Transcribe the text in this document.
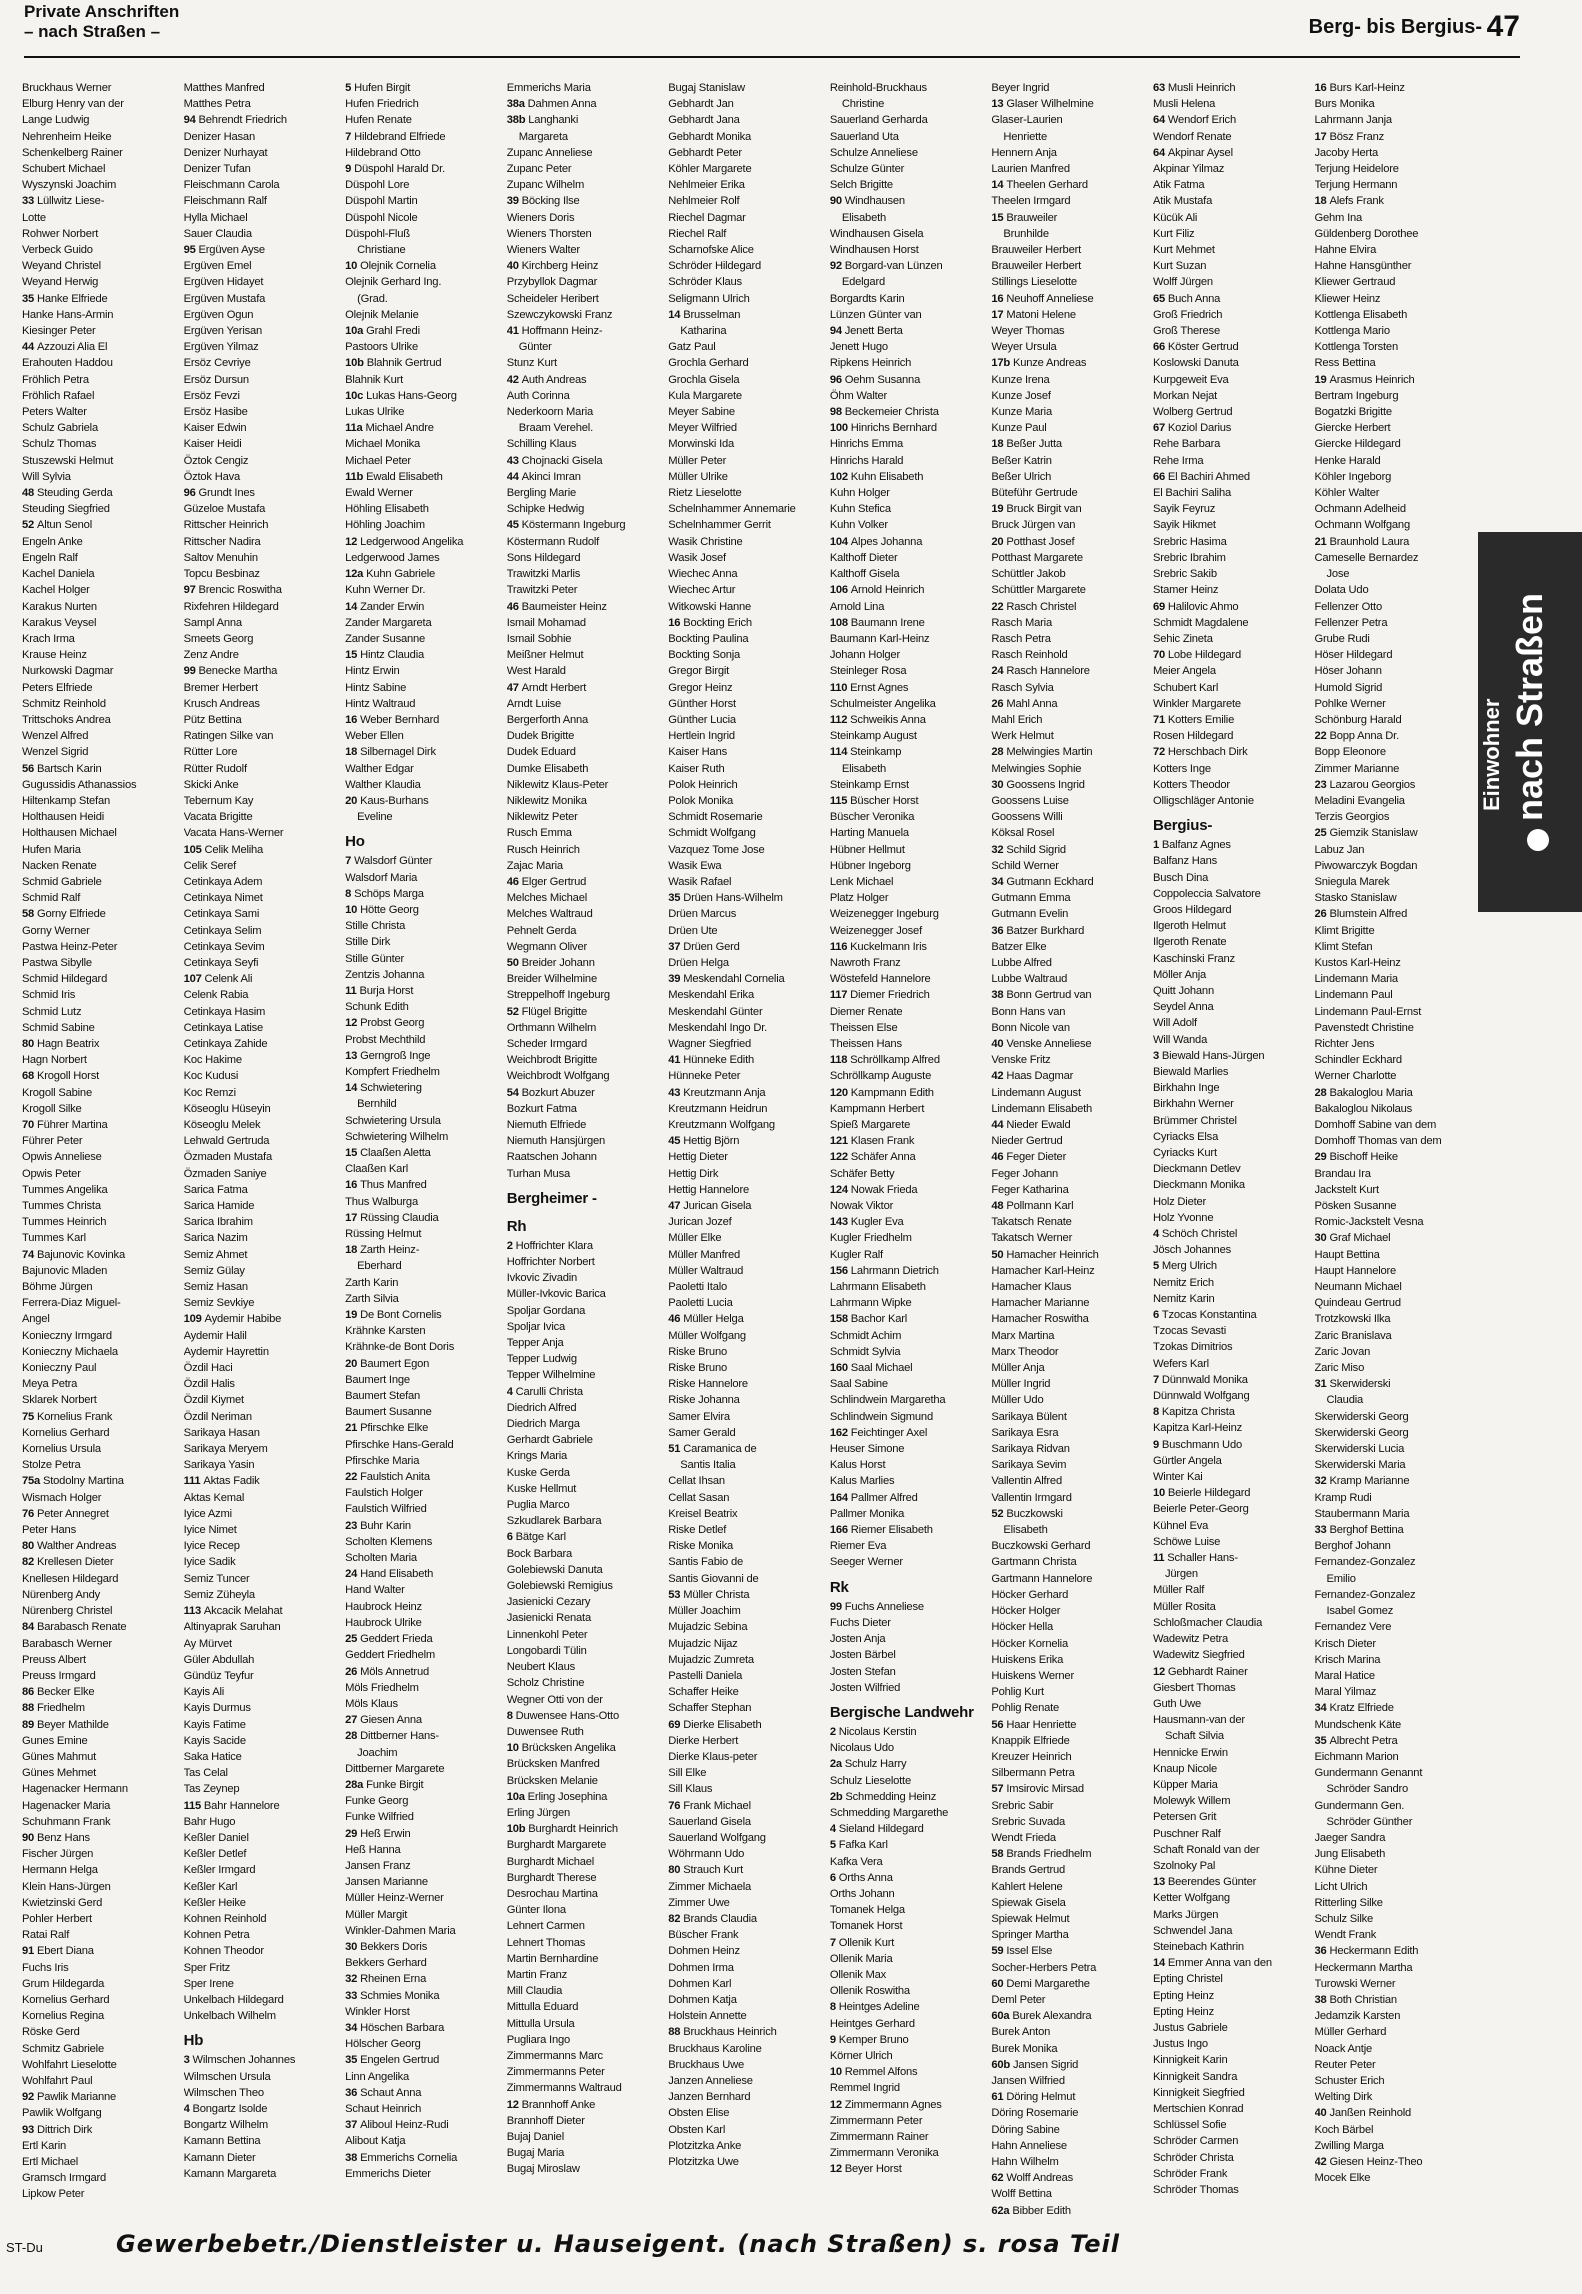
Private Anschriften
– nach Straßen –	Berg- bis Bergius- 47
Bruckhaus Werner
Elburg Henry van der
Lange Ludwig
Nehrenheim Heike
Schenkelberg Rainer
Schubert Michael
Wyszynski Joachim
33 Lüllwitz Liese-
Lotte
Rohwer Norbert
Verbeck Guido
Weyand Christel
Weyand Herwig
35 Hanke Elfriede
Hanke Hans-Armin
Kiesinger Peter
44 Azzouzi Alia El
Erahouten Haddou
Fröhlich Petra
Fröhlich Rafael
Peters Walter
Schulz Gabriela
Schulz Thomas
Stuszewski Helmut
Will Sylvia
48 Steuding Gerda
Steuding Siegfried
52 Altun Senol
Engeln Anke
Engeln Ralf
Kachel Daniela
Kachel Holger
Karakus Nurten
Karakus Veysel
Krach Irma
Krause Heinz
Nurkowski Dagmar
Peters Elfriede
Schmitz Reinhold
Trittschoks Andrea
Wenzel Alfred
Wenzel Sigrid
56 Bartsch Karin
Gugussidis Athanassios
Hiltenkamp Stefan
Holthausen Heidi
Holthausen Michael
Hufen Maria
Nacken Renate
Schmid Gabriele
Schmid Ralf
58 Gorny Elfriede
Gorny Werner
Pastwa Heinz-Peter
Pastwa Sibylle
Schmid Hildegard
Schmid Iris
Schmid Lutz
Schmid Sabine
80 Hagn Beatrix
Hagn Norbert
68 Krogoll Horst
Krogoll Sabine
Krogoll Silke
70 Führer Martina
Führer Peter
Opwis Anneliese
Opwis Peter
Tummes Angelika
Tummes Christa
Tummes Heinrich
Tummes Karl
74 Bajunovic Kovinka
Bajunovic Mladen
Böhme Jürgen
Ferrera-Diaz Miguel-
Angel
Konieczny Irmgard
Konieczny Michaela
Konieczny Paul
Meya Petra
Sklarek Norbert
75 Kornelius Frank
Kornelius Gerhard
Kornelius Ursula
Stolze Petra
75a Stodolny Martina
Wismach Holger
76 Peter Annegret
Peter Hans
80 Walther Andreas
82 Krellesen Dieter
Knellesen Hildegard
Nürenberg Andy
Nürenberg Christel
84 Barabasch Renate
Barabasch Werner
Preuss Albert
Preuss Irmgard
86 Becker Elke
88 Friedhelm
89 Beyer Mathilde
Gunes Emine
Günes Mahmut
Günes Mehmet
Hagenacker Hermann
Hagenacker Maria
Schuhmann Frank
90 Benz Hans
Fischer Jürgen
Hermann Helga
Klein Hans-Jürgen
Kwietzinski Gerd
Pohler Herbert
Ratai Ralf
91 Ebert Diana
Fuchs Iris
Grum Hildegarda
Kornelius Gerhard
Kornelius Regina
Röske Gerd
Schmitz Gabriele
Wohlfahrt Lieselotte
Wohlfahrt Paul
92 Pawlik Marianne
Pawlik Wolfgang
93 Dittrich Dirk
Ertl Karin
Ertl Michael
Gramsch Irmgard
Lipkow Peter
Matthes Manfred
Matthes Petra
94 Behrendt Friedrich
Denizer Hasan
Denizer Nurhayat
Denizer Tufan
Fleischmann Carola
Fleischmann Ralf
Hylla Michael
Sauer Claudia
95 Ergüven Ayse
Ergüven Emel
Ergüven Hidayet
Ergüven Mustafa
Ergüven Ogun
Ergüven Yerisan
Ergüven Yilmaz
Ersöz Cevriye
Ersöz Dursun
Ersöz Fevzi
Ersöz Hasibe
Kaiser Edwin
Kaiser Heidi
Öztok Cengiz
Öztok Hava
96 Grundt Ines
Güzeloe Mustafa
Rittscher Heinrich
Rittscher Nadira
Saltov Menuhin
Topcu Besbinaz
97 Brencic Roswitha
Rixfehren Hildegard
Sampl Anna
Smeets Georg
Zenz Andre
99 Benecke Martha
Bremer Herbert
Krusch Andreas
Pütz Bettina
Ratingen Silke van
Rütter Lore
Rütter Rudolf
Skicki Anke
Tebernum Kay
Vacata Brigitte
Vacata Hans-Werner
105 Celik Meliha
Celik Seref
Cetinkaya Adem
Cetinkaya Nimet
Cetinkaya Sami
Cetinkaya Selim
Cetinkaya Sevim
Cetinkaya Seyfi
107 Celenk Ali
Celenk Rabia
Cetinkaya Hasim
Cetinkaya Latise
Cetinkaya Zahide
Koc Hakime
Koc Kudusi
Koc Remzi
Köseoglu Hüseyin
Köseoglu Melek
Lehwald Gertruda
Özmaden Mustafa
Özmaden Saniye
Sarica Fatma
Sarica Hamide
Sarica Ibrahim
Sarica Nazim
Semiz Ahmet
Semiz Gülay
Semiz Hasan
Semiz Sevkiye
109 Aydemir Habibe
Aydemir Halil
Aydemir Hayrettin
Özdil Haci
Özdil Halis
Özdil Kiymet
Özdil Neriman
Sarikaya Hasan
Sarikaya Meryem
Sarikaya Yasin
111 Aktas Fadik
Aktas Kemal
Iyice Azmi
Iyice Nimet
Iyice Recep
Iyice Sadik
Semiz Tuncer
Semiz Züheyla
113 Akcacik Melahat
Altinyaprak Saruhan
Ay Mürvet
Güler Abdullah
Gündüz Teyfur
Kayis Ali
Kayis Durmus
Kayis Fatime
Kayis Sacide
Saka Hatice
Tas Celal
Tas Zeynep
115 Bahr Hannelore
Bahr Hugo
Keßler Daniel
Keßler Detlef
Keßler Irmgard
Keßler Karl
Keßler Heike
Kohnen Reinhold
Kohnen Petra
Kohnen Theodor
Sper Fritz
Sper Irene
Unkelbach Hildegard
Unkelbach Wilhelm
Hb
3 Wilmschen Johannes
Wilmschen Ursula
Wilmschen Theo
4 Bongartz Isolde
Bongartz Wilhelm
Kamann Bettina
Kamann Dieter
Kamann Margareta
5 Hufen Birgit
Hufen Friedrich
Hufen Renate
7 Hildebrand Elfriede
Hildebrand Otto
9 Düspohl Harald Dr.
Düspohl Lore
Düspohl Martin
Düspohl Nicole
Düspohl-Fluß
Christiane
10 Olejnik Cornelia
Olejnik Gerhard Ing.
(Grad.
Olejnik Melanie
10a Grahl Fredi
Pastoors Ulrike
10b Blahnik Gertrud
Blahnik Kurt
10c Lukas Hans-Georg
Lukas Ulrike
11a Michael Andre
Michael Monika
Michael Peter
11b Ewald Elisabeth
Ewald Werner
Höhling Elisabeth
Höhling Joachim
12 Ledgerwood Angelika
Ledgerwood James
12a Kuhn Gabriele
Kuhn Werner Dr.
14 Zander Erwin
Zander Margareta
Zander Susanne
15 Hintz Claudia
Hintz Erwin
Hintz Sabine
Hintz Waltraud
16 Weber Bernhard
Weber Ellen
18 Silbernagel Dirk
Walther Edgar
Walther Klaudia
20 Kaus-Burhans
Eveline
Ho
7 Walsdorf Günter
Walsdorf Maria
8 Schöps Marga
10 Hötte Georg
Stille Christa
Stille Dirk
Stille Günter
Zentzis Johanna
11 Burja Horst
Schunk Edith
12 Probst Georg
Probst Mechthild
13 Gerngroß Inge
Kompfert Friedhelm
14 Schwietering
Bernhild
Schwietering Ursula
Schwietering Wilhelm
15 Claaßen Aletta
Claaßen Karl
16 Thus Manfred
Thus Walburga
17 Rüssing Claudia
Rüssing Helmut
18 Zarth Heinz-
Eberhard
Zarth Karin
Zarth Silvia
19 De Bont Cornelis
Krähnke Karsten
Krähnke-de Bont Doris
20 Baumert Egon
Baumert Inge
Baumert Stefan
Baumert Susanne
21 Pfirschke Elke
Pfirschke Hans-Gerald
Pfirschke Maria
22 Faulstich Anita
Faulstich Holger
Faulstich Wilfried
23 Buhr Karin
Scholten Klemens
Scholten Maria
24 Hand Elisabeth
Hand Walter
Haubrock Heinz
Haubrock Ulrike
25 Geddert Frieda
Geddert Friedhelm
26 Möls Annetrud
Möls Friedhelm
Möls Klaus
27 Giesen Anna
28 Dittberner Hans-
Joachim
Dittberner Margarete
28a Funke Birgit
Funke Georg
Funke Wilfried
29 Heß Erwin
Heß Hanna
Jansen Franz
Jansen Marianne
Müller Heinz-Werner
Müller Margit
Winkler-Dahmen Maria
30 Bekkers Doris
Bekkers Gerhard
32 Rheinen Erna
33 Schmies Monika
Winkler Horst
34 Höschen Barbara
Hölscher Georg
35 Engelen Gertrud
Linn Angelika
36 Schaut Anna
Schaut Heinrich
37 Aliboul Heinz-Rudi
Alibout Katja
38 Emmerichs Cornelia
Emmerichs Dieter
Emmerichs Maria
38a Dahmen Anna
38b Langhanki
Margareta
Zupanc Anneliese
Zupanc Peter
Zupanc Wilhelm
39 Böcking Ilse
Wieners Doris
Wieners Thorsten
Wieners Walter
40 Kirchberg Heinz
Przybyllok Dagmar
Scheideler Heribert
Szewczykowski Franz
41 Hoffmann Heinz-
Günter
Stunz Kurt
42 Auth Andreas
Auth Corinna
Nederkoorn Maria
Braam Verehel.
Schilling Klaus
43 Chojnacki Gisela
44 Akinci Imran
Bergling Marie
Schipke Hedwig
45 Köstermann Ingeburg
Köstermann Rudolf
Sons Hildegard
Trawitzki Marlis
Trawitzki Peter
46 Baumeister Heinz
Ismail Mohamad
Ismail Sobhie
Meißner Helmut
West Harald
47 Arndt Herbert
Arndt Luise
Bergerforth Anna
Dudek Brigitte
Dudek Eduard
Dumke Elisabeth
Niklewitz Klaus-Peter
Niklewitz Monika
Niklewitz Peter
Rusch Emma
Rusch Heinrich
Zajac Maria
46 Elger Gertrud
Melches Michael
Melches Waltraud
Pehnelt Gerda
Wegmann Oliver
50 Breider Johann
Breider Wilhelmine
Streppelhoff Ingeburg
52 Flügel Brigitte
Orthmann Wilhelm
Scheder Irmgard
Weichbrodt Brigitte
Weichbrodt Wolfgang
54 Bozkurt Abuzer
Bozkurt Fatma
Niemuth Elfriede
Niemuth Hansjürgen
Raatschen Johann
Turhan Musa
Bergheimer -
Rh
2 Hoffrichter Klara
Hoffrichter Norbert
Ivkovic Zivadin
Müller-Ivkovic Barica
Spoljar Gordana
Spoljar Ivica
Tepper Anja
Tepper Ludwig
Tepper Wilhelmine
4 Carulli Christa
Diedrich Alfred
Diedrich Marga
Gerhardt Gabriele
Krings Maria
Kuske Gerda
Kuske Hellmut
Puglia Marco
Szkudlarek Barbara
6 Bätge Karl
Bock Barbara
Golebiewski Danuta
Golebiewski Remigius
Jasienicki Cezary
Jasienicki Renata
Linnenkohl Peter
Longobardi Tülin
Neubert Klaus
Scholz Christine
Wegner Otti von der
8 Duwensee Hans-Otto
Duwensee Ruth
10 Brücksken Angelika
Brücksken Manfred
Brücksken Melanie
10a Erling Josephina
Erling Jürgen
10b Burghardt Heinrich
Burghardt Margarete
Burghardt Michael
Burghardt Therese
Desrochau Martina
Günter Ilona
Lehnert Carmen
Lehnert Thomas
Martin Bernhardine
Martin Franz
Mill Claudia
Mittulla Eduard
Mittulla Ursula
Pugliara Ingo
Zimmermanns Marc
Zimmermanns Peter
Zimmermanns Waltraud
12 Brannhoff Anke
Brannhoff Dieter
Bujaj Daniel
Bugaj Maria
Bugaj Miroslaw
Bugaj Stanislaw
Gebhardt Jan
Gebhardt Jana
Gebhardt Monika
Gebhardt Peter
Köhler Margarete
Nehlmeier Erika
Nehlmeier Rolf
Riechel Dagmar
Riechel Ralf
Scharnofske Alice
Schröder Hildegard
Schröder Klaus
Seligmann Ulrich
14 Brusselman
Katharina
Gatz Paul
Grochla Gerhard
Grochla Gisela
Kula Margarete
Meyer Sabine
Meyer Wilfried
Morwinski Ida
Müller Peter
Müller Ulrike
Rietz Lieselotte
Schelnhammer Annemarie
Schelnhammer Gerrit
Wasik Christine
Wasik Josef
Wiechec Anna
Wiechec Artur
Witkowski Hanne
16 Bockting Erich
Bockting Paulina
Bockting Sonja
Gregor Birgit
Gregor Heinz
Günther Horst
Günther Lucia
Hertlein Ingrid
Kaiser Hans
Kaiser Ruth
Polok Heinrich
Polok Monika
Schmidt Rosemarie
Schmidt Wolfgang
Vazquez Tome Jose
Wasik Ewa
Wasik Rafael
35 Drüen Hans-Wilhelm
Drüen Marcus
Drüen Ute
37 Drüen Gerd
Drüen Helga
39 Meskendahl Cornelia
Meskendahl Erika
Meskendahl Günter
Meskendahl Ingo Dr.
Wagner Siegfried
41 Hünneke Edith
Hünneke Peter
43 Kreutzmann Anja
Kreutzmann Heidrun
Kreutzmann Wolfgang
45 Hettig Björn
Hettig Dieter
Hettig Dirk
Hettig Hannelore
47 Jurican Gisela
Jurican Jozef
Müller Elke
Müller Manfred
Müller Waltraud
Paoletti Italo
Paoletti Lucia
46 Müller Helga
Müller Wolfgang
Riske Bruno
Riske Bruno
Riske Hannelore
Riske Johanna
Samer Elvira
Samer Gerald
51 Caramanica de
Santis Italia
Cellat Ihsan
Cellat Sasan
Kreisel Beatrix
Riske Detlef
Riske Monika
Santis Fabio de
Santis Giovanni de
53 Müller Christa
Müller Joachim
Mujadzic Sebina
Mujadzic Nijaz
Mujadzic Zumreta
Pastelli Daniela
Schaffer Heike
Schaffer Stephan
69 Dierke Elisabeth
Dierke Herbert
Dierke Klaus-peter
Sill Elke
Sill Klaus
76 Frank Michael
Sauerland Gisela
Sauerland Wolfgang
Wöhrmann Udo
80 Strauch Kurt
Zimmer Michaela
Zimmer Uwe
82 Brands Claudia
Büscher Frank
Dohmen Heinz
Dohmen Irma
Dohmen Karl
Dohmen Katja
Holstein Annette
88 Bruckhaus Heinrich
Bruckhaus Karoline
Bruckhaus Uwe
Janzen Anneliese
Janzen Bernhard
Obsten Elise
Obsten Karl
Plotzitzka Anke
Plotzitzka Uwe
Reinhold-Bruckhaus
Christine
Sauerland Gerharda
Sauerland Uta
Schulze Anneliese
Schulze Günter
Selch Brigitte
90 Windhausen
Elisabeth
Windhausen Gisela
Windhausen Horst
92 Borgard-van Lünzen
Edelgard
Borgardts Karin
Lünzen Günter van
94 Jenett Berta
Jenett Hugo
Ripkens Heinrich
96 Oehm Susanna
Öhm Walter
98 Beckemeier Christa
100 Hinrichs Bernhard
Hinrichs Emma
Hinrichs Harald
102 Kuhn Elisabeth
Kuhn Holger
Kuhn Stefica
Kuhn Volker
104 Alpes Johanna
Kalthoff Dieter
Kalthoff Gisela
106 Arnold Heinrich
Arnold Lina
108 Baumann Irene
Baumann Karl-Heinz
Johann Holger
Steinleger Rosa
110 Ernst Agnes
Schulmeister Angelika
112 Schweikis Anna
Steinkamp August
114 Steinkamp
Elisabeth
Steinkamp Ernst
115 Büscher Horst
Büscher Veronika
Harting Manuela
Hübner Hellmut
Hübner Ingeborg
Lenk Michael
Platz Holger
Weizenegger Ingeburg
Weizenegger Josef
116 Kuckelmann Iris
Nawroth Franz
Wöstefeld Hannelore
117 Diemer Friedrich
Diemer Renate
Theissen Else
Theissen Hans
118 Schröllkamp Alfred
Schröllkamp Auguste
120 Kampmann Edith
Kampmann Herbert
Spieß Margarete
121 Klasen Frank
122 Schäfer Anna
Schäfer Betty
124 Nowak Frieda
Nowak Viktor
143 Kugler Eva
Kugler Friedhelm
Kugler Ralf
156 Lahrmann Dietrich
Lahrmann Elisabeth
Lahrmann Wipke
158 Bachor Karl
Schmidt Achim
Schmidt Sylvia
160 Saal Michael
Saal Sabine
Schlindwein Margaretha
Schlindwein Sigmund
162 Feichtinger Axel
Heuser Simone
Kalus Horst
Kalus Marlies
164 Pallmer Alfred
Pallmer Monika
166 Riemer Elisabeth
Riemer Eva
Seeger Werner
Rk
99 Fuchs Anneliese
Fuchs Dieter
Josten Anja
Josten Bärbel
Josten Stefan
Josten Wilfried
Bergische Landwehr
2 Nicolaus Kerstin
Nicolaus Udo
2a Schulz Harry
Schulz Lieselotte
2b Schmedding Heinz
Schmedding Margarethe
4 Sieland Hildegard
5 Fafka Karl
Kafka Vera
6 Orths Anna
Orths Johann
Tomanek Helga
Tomanek Horst
7 Ollenik Kurt
Ollenik Maria
Ollenik Max
Ollenik Roswitha
8 Heintges Adeline
Heintges Gerhard
9 Kemper Bruno
Körner Ulrich
10 Remmel Alfons
Remmel Ingrid
12 Zimmermann Agnes
Zimmermann Peter
Zimmermann Rainer
Zimmermann Veronika
12 Beyer Horst
Beyer Ingrid
13 Glaser Wilhelmine
Glaser-Laurien
Henriette
Hennern Anja
Laurien Manfred
14 Theelen Gerhard
Theelen Irmgard
15 Brauweiler
Brunhilde
Brauweiler Herbert
Brauweiler Herbert
Stillings Lieselotte
16 Neuhoff Anneliese
17 Matoni Helene
Weyer Thomas
Weyer Ursula
17b Kunze Andreas
Kunze Irena
Kunze Josef
Kunze Maria
Kunze Paul
18 Beßer Jutta
Beßer Katrin
Beßer Ulrich
Büteführ Gertrude
19 Bruck Birgit van
Bruck Jürgen van
20 Potthast Josef
Potthast Margarete
Schüttler Jakob
Schüttler Margarete
22 Rasch Christel
Rasch Maria
Rasch Petra
Rasch Reinhold
24 Rasch Hannelore
Rasch Sylvia
26 Mahl Anna
Mahl Erich
Werk Helmut
28 Melwingies Martin
Melwingies Sophie
30 Goossens Ingrid
Goossens Luise
Goossens Willi
Köksal Rosel
32 Schild Sigrid
Schild Werner
34 Gutmann Eckhard
Gutmann Emma
Gutmann Evelin
36 Batzer Burkhard
Batzer Elke
Lubbe Alfred
Lubbe Waltraud
38 Bonn Gertrud van
Bonn Hans van
Bonn Nicole van
40 Venske Anneliese
Venske Fritz
42 Haas Dagmar
Lindemann August
Lindemann Elisabeth
44 Nieder Ewald
Nieder Gertrud
46 Feger Dieter
Feger Johann
Feger Katharina
48 Pollmann Karl
Takatsch Renate
Takatsch Werner
50 Hamacher Heinrich
Hamacher Karl-Heinz
Hamacher Klaus
Hamacher Marianne
Hamacher Roswitha
Marx Martina
Marx Theodor
Müller Anja
Müller Ingrid
Müller Udo
Sarikaya Bülent
Sarikaya Esra
Sarikaya Ridvan
Sarikaya Sevim
Vallentin Alfred
Vallentin Irmgard
52 Buczkowski
Elisabeth
Buczkowski Gerhard
Gartmann Christa
Gartmann Hannelore
Höcker Gerhard
Höcker Holger
Höcker Hella
Höcker Kornelia
Huiskens Erika
Huiskens Werner
Pohlig Kurt
Pohlig Renate
56 Haar Henriette
Knappik Elfriede
Kreuzer Heinrich
Silbermann Petra
57 Imsirovic Mirsad
Srebric Sabir
Srebric Suvada
Wendt Frieda
58 Brands Friedhelm
Brands Gertrud
Kahlert Helene
Spiewak Gisela
Spiewak Helmut
Springer Martha
59 Issel Else
Socher-Herbers Petra
60 Demi Margarethe
Deml Peter
60a Burek Alexandra
Burek Anton
Burek Monika
60b Jansen Sigrid
Jansen Wilfried
61 Döring Helmut
Döring Rosemarie
Döring Sabine
Hahn Anneliese
Hahn Wilhelm
62 Wolff Andreas
Wolff Bettina
62a Bibber Edith
63 Musli Heinrich
Musli Helena
64 Wendorf Erich
Wendorf Renate
64 Akpinar Aysel
Akpinar Yilmaz
Atik Fatma
Atik Mustafa
Kücük Ali
Kurt Filiz
Kurt Mehmet
Kurt Suzan
Wolff Jürgen
65 Buch Anna
Groß Friedrich
Groß Therese
66 Köster Gertrud
Koslowski Danuta
Kurpgeweit Eva
Morkan Nejat
Wolberg Gertrud
67 Koziol Darius
Rehe Barbara
Rehe Irma
66 El Bachiri Ahmed
El Bachiri Saliha
Sayik Feyruz
Sayik Hikmet
Srebric Hasima
Srebric Ibrahim
Srebric Sakib
Stamer Heinz
69 Halilovic Ahmo
Schmidt Magdalene
Sehic Zineta
70 Lobe Hildegard
Meier Angela
Schubert Karl
Winkler Margarete
71 Kotters Emilie
Rosen Hildegard
72 Herschbach Dirk
Kotters Inge
Kotters Theodor
Olligschläger Antonie
Bergius-
1 Balfanz Agnes
Balfanz Hans
Busch Dina
Coppoleccia Salvatore
Groos Hildegard
Ilgeroth Helmut
Ilgeroth Renate
Kaschinski Franz
Möller Anja
Quitt Johann
Seydel Anna
Will Adolf
Will Wanda
3 Biewald Hans-Jürgen
Biewald Marlies
Birkhahn Inge
Birkhahn Werner
Brümmer Christel
Cyriacks Elsa
Cyriacks Kurt
Dieckmann Detlev
Dieckmann Monika
Holz Dieter
Holz Yvonne
4 Schöch Christel
Jösch Johannes
5 Merg Ulrich
Nemitz Erich
Nemitz Karin
6 Tzocas Konstantina
Tzocas Sevasti
Tzokas Dimitrios
Wefers Karl
7 Dünnwald Monika
Dünnwald Wolfgang
8 Kapitza Christa
Kapitza Karl-Heinz
9 Buschmann Udo
Gürtler Angela
Winter Kai
10 Beierle Hildegard
Beierle Peter-Georg
Kühnel Eva
Schöwe Luise
11 Schaller Hans-
Jürgen
Müller Ralf
Müller Rosita
Schloßmacher Claudia
Wadewitz Petra
Wadewitz Siegfried
12 Gebhardt Rainer
Giesbert Thomas
Guth Uwe
Hausmann-van der
Schaft Silvia
Hennicke Erwin
Knaup Nicole
Küpper Maria
Molewyk Willem
Petersen Grit
Puschner Ralf
Schaft Ronald van der
Szolnoky Pal
13 Beerendes Günter
Ketter Wolfgang
Marks Jürgen
Schwendel Jana
Steinebach Kathrin
14 Emmer Anna van den
Epting Christel
Epting Heinz
Epting Heinz
Justus Gabriele
Justus Ingo
Kinnigkeit Karin
Kinnigkeit Sandra
Kinnigkeit Siegfried
Mertschien Konrad
Schlüssel Sofie
Schröder Carmen
Schröder Christa
Schröder Frank
Schröder Thomas
16 Burs Karl-Heinz
Burs Monika
Lahrmann Janja
17 Bösz Franz
Jacoby Herta
Terjung Heidelore
Terjung Hermann
18 Alefs Frank
Gehm Ina
Güldenberg Dorothee
Hahne Elvira
Hahne Hansgünther
Kliewer Gertraud
Kliewer Heinz
Kottlenga Elisabeth
Kottlenga Mario
Kottlenga Torsten
Ress Bettina
19 Arasmus Heinrich
Bertram Ingeburg
Bogatzki Brigitte
Giercke Herbert
Giercke Hildegard
Henke Harald
Köhler Ingeborg
Köhler Walter
Ochmann Adelheid
Ochmann Wolfgang
21 Braunhold Laura
Cameselle Bernardez
Jose
Dolata Udo
Fellenzer Otto
Fellenzer Petra
Grube Rudi
Höser Hildegard
Höser Johann
Humold Sigrid
Pohlke Werner
Schönburg Harald
22 Bopp Anna Dr.
Bopp Eleonore
Zimmer Marianne
23 Lazarou Georgios
Meladini Evangelia
Terzis Georgios
25 Giemzik Stanislaw
Labuz Jan
Piwowarczyk Bogdan
Sniegula Marek
Stasko Stanislaw
26 Blumstein Alfred
Klimt Brigitte
Klimt Stefan
Kustos Karl-Heinz
Lindemann Maria
Lindemann Paul
Lindemann Paul-Ernst
Pavenstedt Christine
Richter Jens
Schindler Eckhard
Werner Charlotte
28 Bakaloglou Maria
Bakaloglou Nikolaus
Domhoff Sabine van dem
Domhoff Thomas van dem
29 Bischoff Heike
Brandau Ira
Jackstelt Kurt
Pösken Susanne
Romic-Jackstelt Vesna
30 Graf Michael
Haupt Bettina
Haupt Hannelore
Neumann Michael
Quindeau Gertrud
Trotzkowski Ilka
Zaric Branislava
Zaric Jovan
Zaric Miso
31 Skerwiderski
Claudia
Skerwiderski Georg
Skerwiderski Georg
Skerwiderski Lucia
Skerwiderski Maria
32 Kramp Marianne
Kramp Rudi
Staubermann Maria
33 Berghof Bettina
Berghof Johann
Fernandez-Gonzalez
Emilio
Fernandez-Gonzalez
Isabel Gomez
Fernandez Vere
Krisch Dieter
Krisch Marina
Maral Hatice
Maral Yilmaz
34 Kratz Elfriede
Mundschenk Käte
35 Albrecht Petra
Eichmann Marion
Gundermann Genannt
Schröder Sandro
Gundermann Gen.
Schröder Günther
Jaeger Sandra
Jung Elisabeth
Kühne Dieter
Licht Ulrich
Ritterling Silke
Schulz Silke
Wendt Frank
36 Heckermann Edith
Heckermann Martha
Turowski Werner
38 Both Christian
Jedamzik Karsten
Müller Gerhard
Noack Antje
Reuter Peter
Schuster Erich
Welting Dirk
40 Janßen Reinhold
Koch Bärbel
Zwilling Marga
42 Giesen Heinz-Theo
Mocek Elke
nach Straßen
Einwohner
ST-Du	Gewerbebetr./Dienstleister u. Hauseigent. (nach Straßen) s. rosa Teil
